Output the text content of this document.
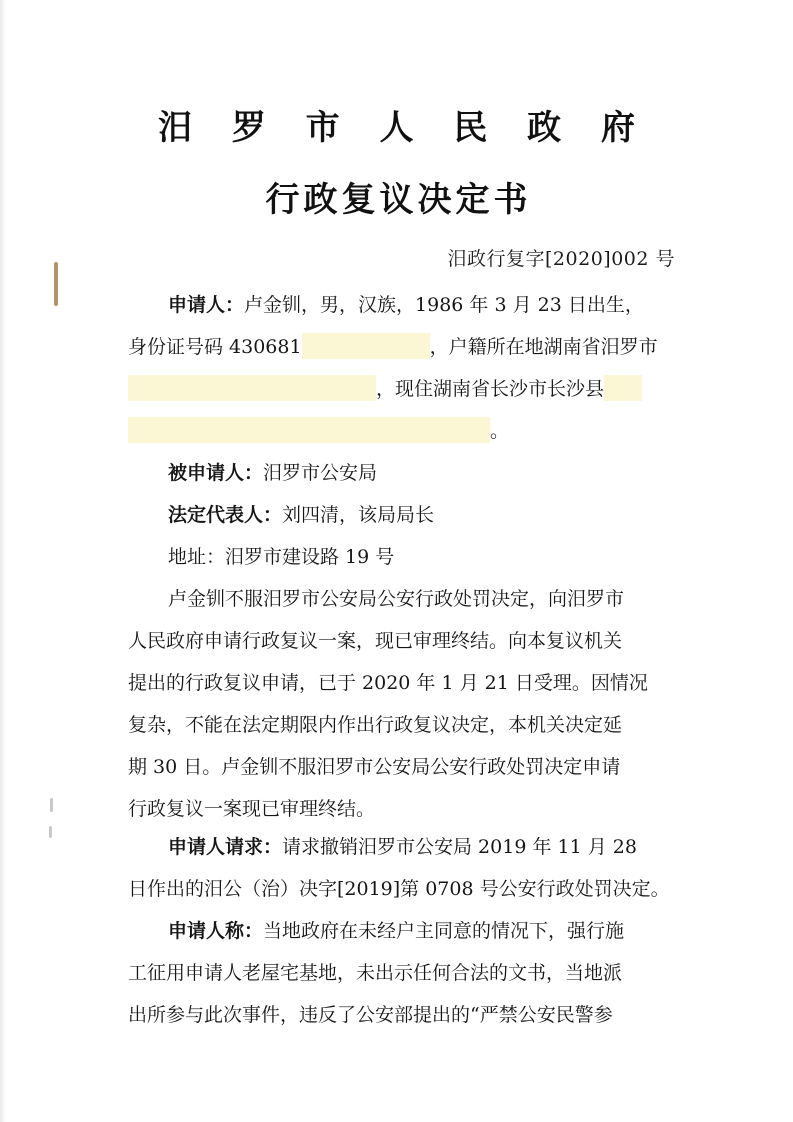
汨 罗 市 人 民 政 府
行政复议决定书
汨政行复字[2020]002 号

申请人：卢金钏，男，汉族，1986 年 3 月 23 日出生，

身份证号码 430681	，户籍所在地湖南省汨罗市

，现住湖南省长沙市长沙县

。

被申请人：汨罗市公安局

法定代表人：刘四清，该局局长

地址：汨罗市建设路 19 号

卢金钏不服汨罗市公安局公安行政处罚决定，向汨罗市
人民政府申请行政复议一案，现已审理终结。向本复议机关
提出的行政复议申请，已于 2020 年 1 月 21 日受理。因情况
复杂，不能在法定期限内作出行政复议决定，本机关决定延
期 30 日。卢金钏不服汨罗市公安局公安行政处罚决定申请
行政复议一案现已审理终结。
申请人请求：请求撤销汨罗市公安局 2019 年 11 月 28
日作出的汨公（治）决字[2019]第 0708 号公安行政处罚决定。
申请人称：当地政府在未经户主同意的情况下，强行施
工征用申请人老屋宅基地，未出示任何合法的文书，当地派
出所参与此次事件，违反了公安部提出的“严禁公安民警参
